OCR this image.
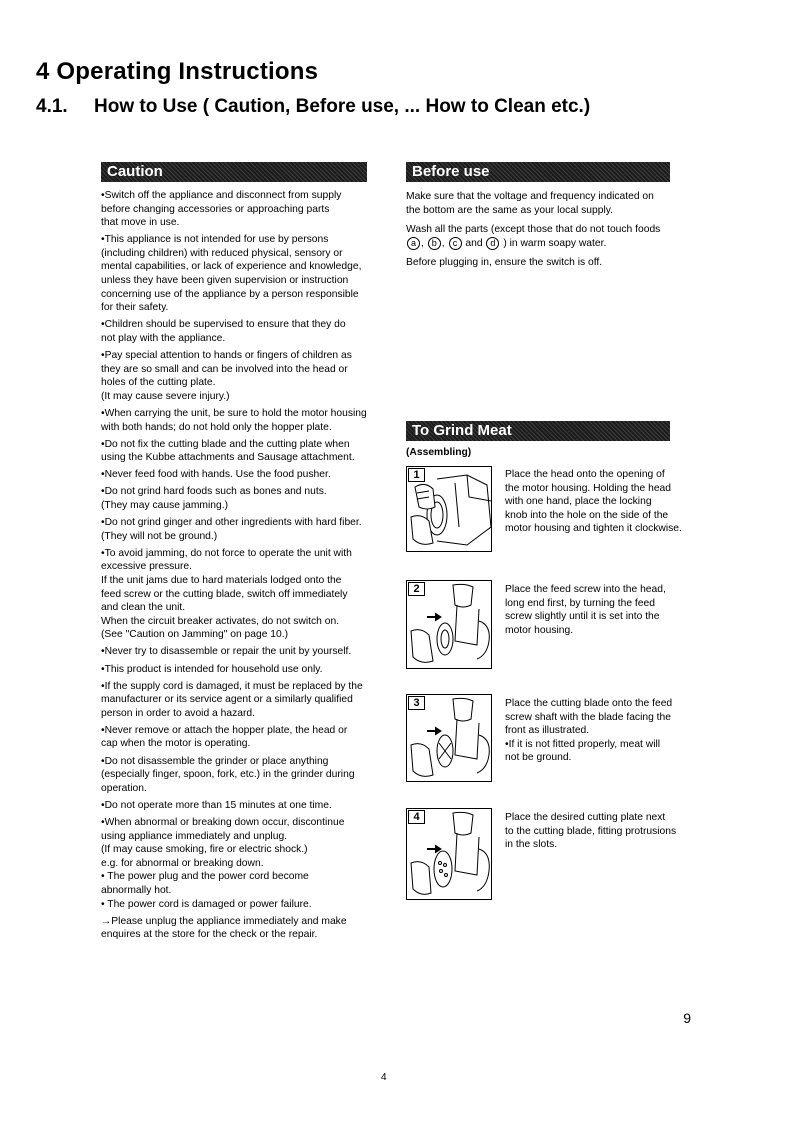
4 Operating Instructions
4.1. How to Use ( Caution, Before use, ... How to Clean etc.)
Caution
•Switch off the appliance and disconnect from supply
before changing accessories or approaching parts
that move in use.
•This appliance is not intended for use by persons
(including children) with reduced physical, sensory or
mental capabilities, or lack of experience and knowledge,
unless they have been given supervision or instruction
concerning use of the appliance by a person responsible
for their safety.
•Children should be supervised to ensure that they do
not play with the appliance.
•Pay special attention to hands or fingers of children as
they are so small and can be involved into the head or
holes of the cutting plate.
(It may cause severe injury.)
•When carrying the unit, be sure to hold the motor housing
with both hands; do not hold only the hopper plate.
•Do not fix the cutting blade and the cutting plate when
using the Kubbe attachments and Sausage attachment.
•Never feed food with hands. Use the food pusher.
•Do not grind hard foods such as bones and nuts.
(They may cause jamming.)
•Do not grind ginger and other ingredients with hard fiber.
(They will not be ground.)
•To avoid jamming, do not force to operate the unit with
excessive pressure.
If the unit jams due to hard materials lodged onto the
feed screw or the cutting blade, switch off immediately
and clean the unit.
When the circuit breaker activates, do not switch on.
(See "Caution on Jamming" on page 10.)
•Never try to disassemble or repair the unit by yourself.
•This product is intended for household use only.
•If the supply cord is damaged, it must be replaced by the
manufacturer or its service agent or a similarly qualified
person in order to avoid a hazard.
•Never remove or attach the hopper plate, the head or
cap when the motor is operating.
•Do not disassemble the grinder or place anything
(especially finger, spoon, fork, etc.) in the grinder during
operation.
•Do not operate more than 15 minutes at one time.
•When abnormal or breaking down occur, discontinue
using appliance immediately and unplug.
(If may cause smoking, fire or electric shock.)
e.g. for abnormal or breaking down.
• The power plug and the power cord become
abnormally hot.
• The power cord is damaged or power failure.
→Please unplug the appliance immediately and make
enquires at the store for the check or the repair.
Before use

Make sure that the voltage and frequency indicated on
the bottom are the same as your local supply.

Wash all the parts (except those that do not touch foods
a , b , c and d ) in warm soapy water.

Before plugging in, ensure the switch is off.

To Grind Meat
(Assembling)
1	Place the head onto the opening of
the motor housing. Holding the head
with one hand, place the locking
knob into the hole on the side of the
motor housing and tighten it clockwise.
2	Place the feed screw into the head,
long end first, by turning the feed
screw slightly until it is set into the
motor housing.
3	Place the cutting blade onto the feed
screw shaft with the blade facing the
front as illustrated.
•If it is not fitted properly, meat will
not be ground.
4	Place the desired cutting plate next
to the cutting blade, fitting protrusions
in the slots.
9
4
